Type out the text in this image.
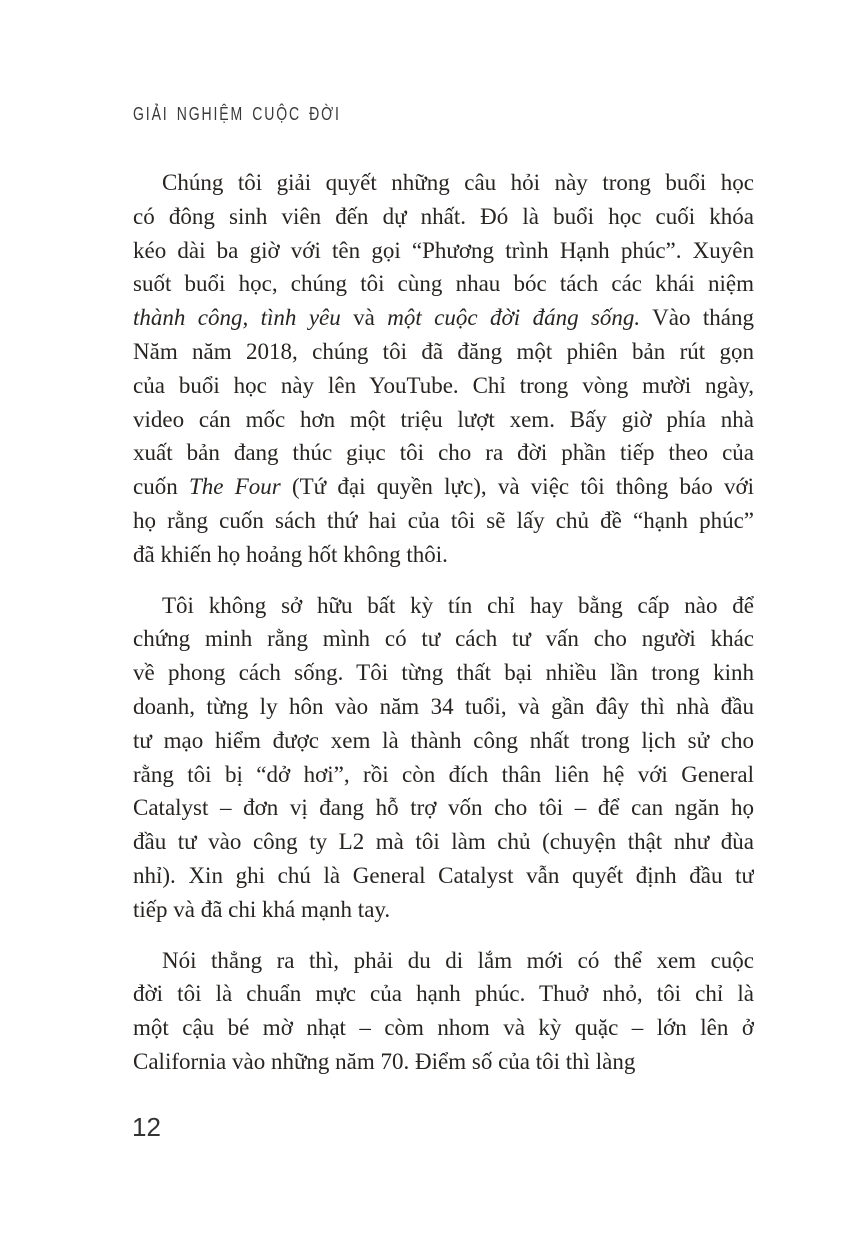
GIẢI NGHIỆM CUỘC ĐỜI

Chúng tôi giải quyết những câu hỏi này trong buổi học
có đông sinh viên đến dự nhất. Đó là buổi học cuối khóa
kéo dài ba giờ với tên gọi “Phương trình Hạnh phúc”. Xuyên
suốt buổi học, chúng tôi cùng nhau bóc tách các khái niệm
thành công, tình yêu và một cuộc đời đáng sống. Vào tháng
Năm năm 2018, chúng tôi đã đăng một phiên bản rút gọn
của buổi học này lên YouTube. Chỉ trong vòng mười ngày,
video cán mốc hơn một triệu lượt xem. Bấy giờ phía nhà
xuất bản đang thúc giục tôi cho ra đời phần tiếp theo của
cuốn The Four (Tứ đại quyền lực), và việc tôi thông báo với
họ rằng cuốn sách thứ hai của tôi sẽ lấy chủ đề “hạnh phúc”
đã khiến họ hoảng hốt không thôi.

Tôi không sở hữu bất kỳ tín chỉ hay bằng cấp nào để
chứng minh rằng mình có tư cách tư vấn cho người khác
về phong cách sống. Tôi từng thất bại nhiều lần trong kinh
doanh, từng ly hôn vào năm 34 tuổi, và gần đây thì nhà đầu
tư mạo hiểm được xem là thành công nhất trong lịch sử cho
rằng tôi bị “dở hơi”, rồi còn đích thân liên hệ với General
Catalyst – đơn vị đang hỗ trợ vốn cho tôi – để can ngăn họ
đầu tư vào công ty L2 mà tôi làm chủ (chuyện thật như đùa
nhỉ). Xin ghi chú là General Catalyst vẫn quyết định đầu tư
tiếp và đã chi khá mạnh tay.

Nói thẳng ra thì, phải du di lắm mới có thể xem cuộc
đời tôi là chuẩn mực của hạnh phúc. Thuở nhỏ, tôi chỉ là
một cậu bé mờ nhạt – còm nhom và kỳ quặc – lớn lên ở
California vào những năm 70. Điểm số của tôi thì làng

12
